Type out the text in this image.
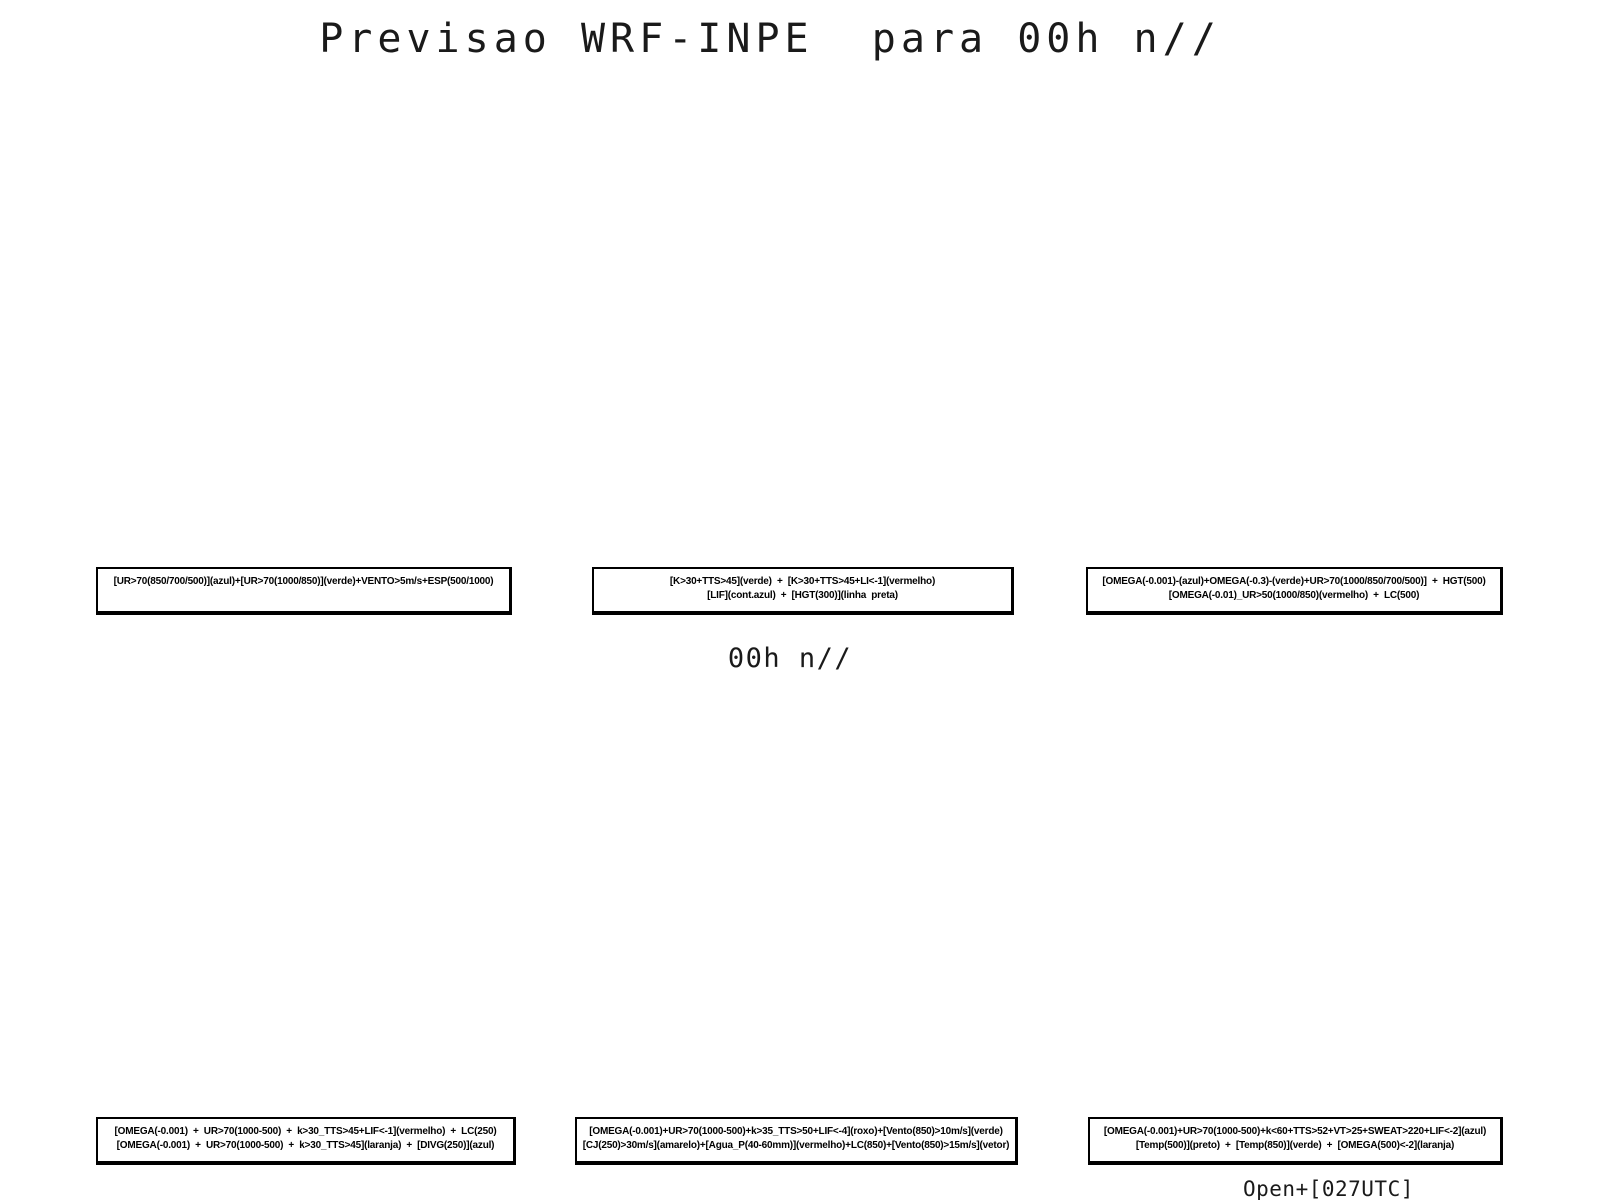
Previsao WRF-INPE  para 00h n//
[UR>70(850/700/500)](azul)+[UR>70(1000/850)](verde)+VENTO>5m/s+ESP(500/1000)	[K>30+TTS>45](verde)  +  [K>30+TTS>45+LI<-1](vermelho)
[LIF](cont.azul)  +  [HGT(300)](linha  preta)
[OMEGA(-0.001)-(azul)+OMEGA(-0.3)-(verde)+UR>70(1000/850/700/500)]  +  HGT(500)
[OMEGA(-0.01)_UR>50(1000/850)(vermelho)  +  LC(500)
00h n//
[OMEGA(-0.001)  +  UR>70(1000-500)  +  k>30_TTS>45+LIF<-1](vermelho)  +  LC(250)
[OMEGA(-0.001)  +  UR>70(1000-500)  +  k>30_TTS>45](laranja)  +  [DIVG(250)](azul)
[OMEGA(-0.001)+UR>70(1000-500)+k>35_TTS>50+LIF<-4](roxo)+[Vento(850)>10m/s](verde)
[CJ(250)>30m/s](amarelo)+[Agua_P(40-60mm)](vermelho)+LC(850)+[Vento(850)>15m/s](vetor)
[OMEGA(-0.001)+UR>70(1000-500)+k<60+TTS>52+VT>25+SWEAT>220+LIF<-2](azul)
[Temp(500)](preto)  +  [Temp(850)](verde)  +  [OMEGA(500)<-2](laranja)
Open+[027UTC]
